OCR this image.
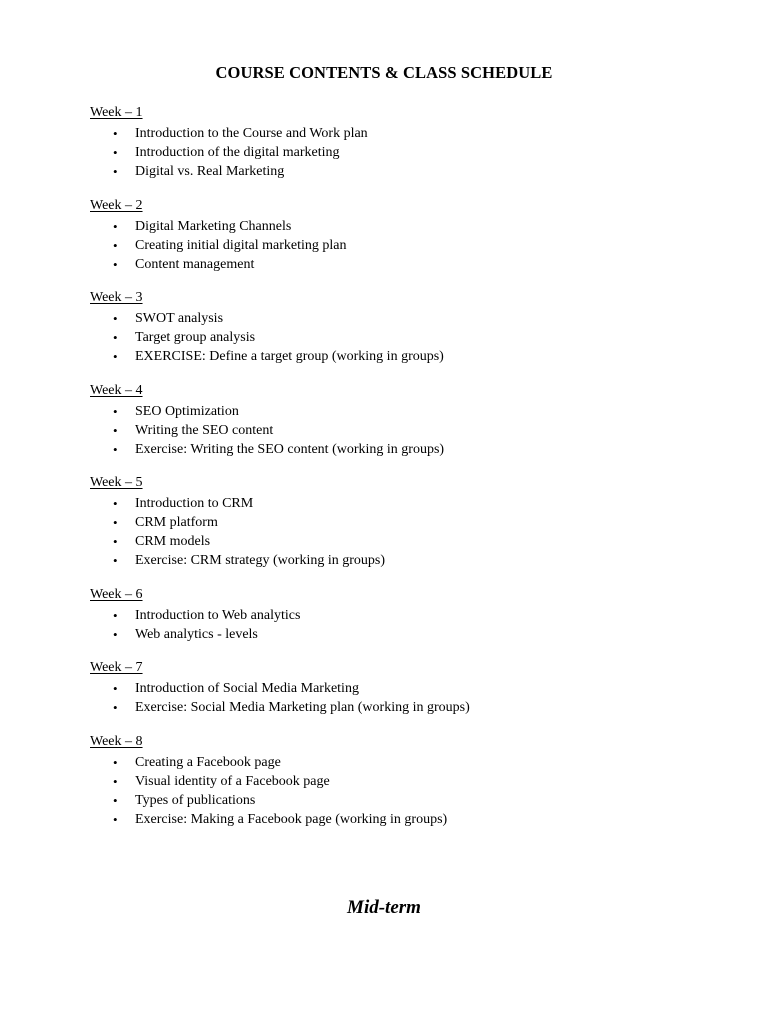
COURSE CONTENTS & CLASS SCHEDULE
Week – 1
• Introduction to the Course and Work plan
• Introduction of the digital marketing
• Digital vs. Real Marketing
Week – 2
• Digital Marketing Channels
• Creating initial digital marketing plan
• Content management
Week – 3
• SWOT analysis
• Target group analysis
• EXERCISE: Define a target group (working in groups)
Week – 4
• SEO Optimization
• Writing the SEO content
• Exercise: Writing the SEO content (working in groups)
Week – 5
• Introduction to CRM
• CRM platform
• CRM models
• Exercise: CRM strategy (working in groups)
Week – 6
• Introduction to Web analytics
• Web analytics - levels
Week – 7
• Introduction of Social Media Marketing
• Exercise: Social Media Marketing plan (working in groups)
Week – 8
• Creating a Facebook page
• Visual identity of a Facebook page
• Types of publications
• Exercise: Making a Facebook page (working in groups)
Mid-term
